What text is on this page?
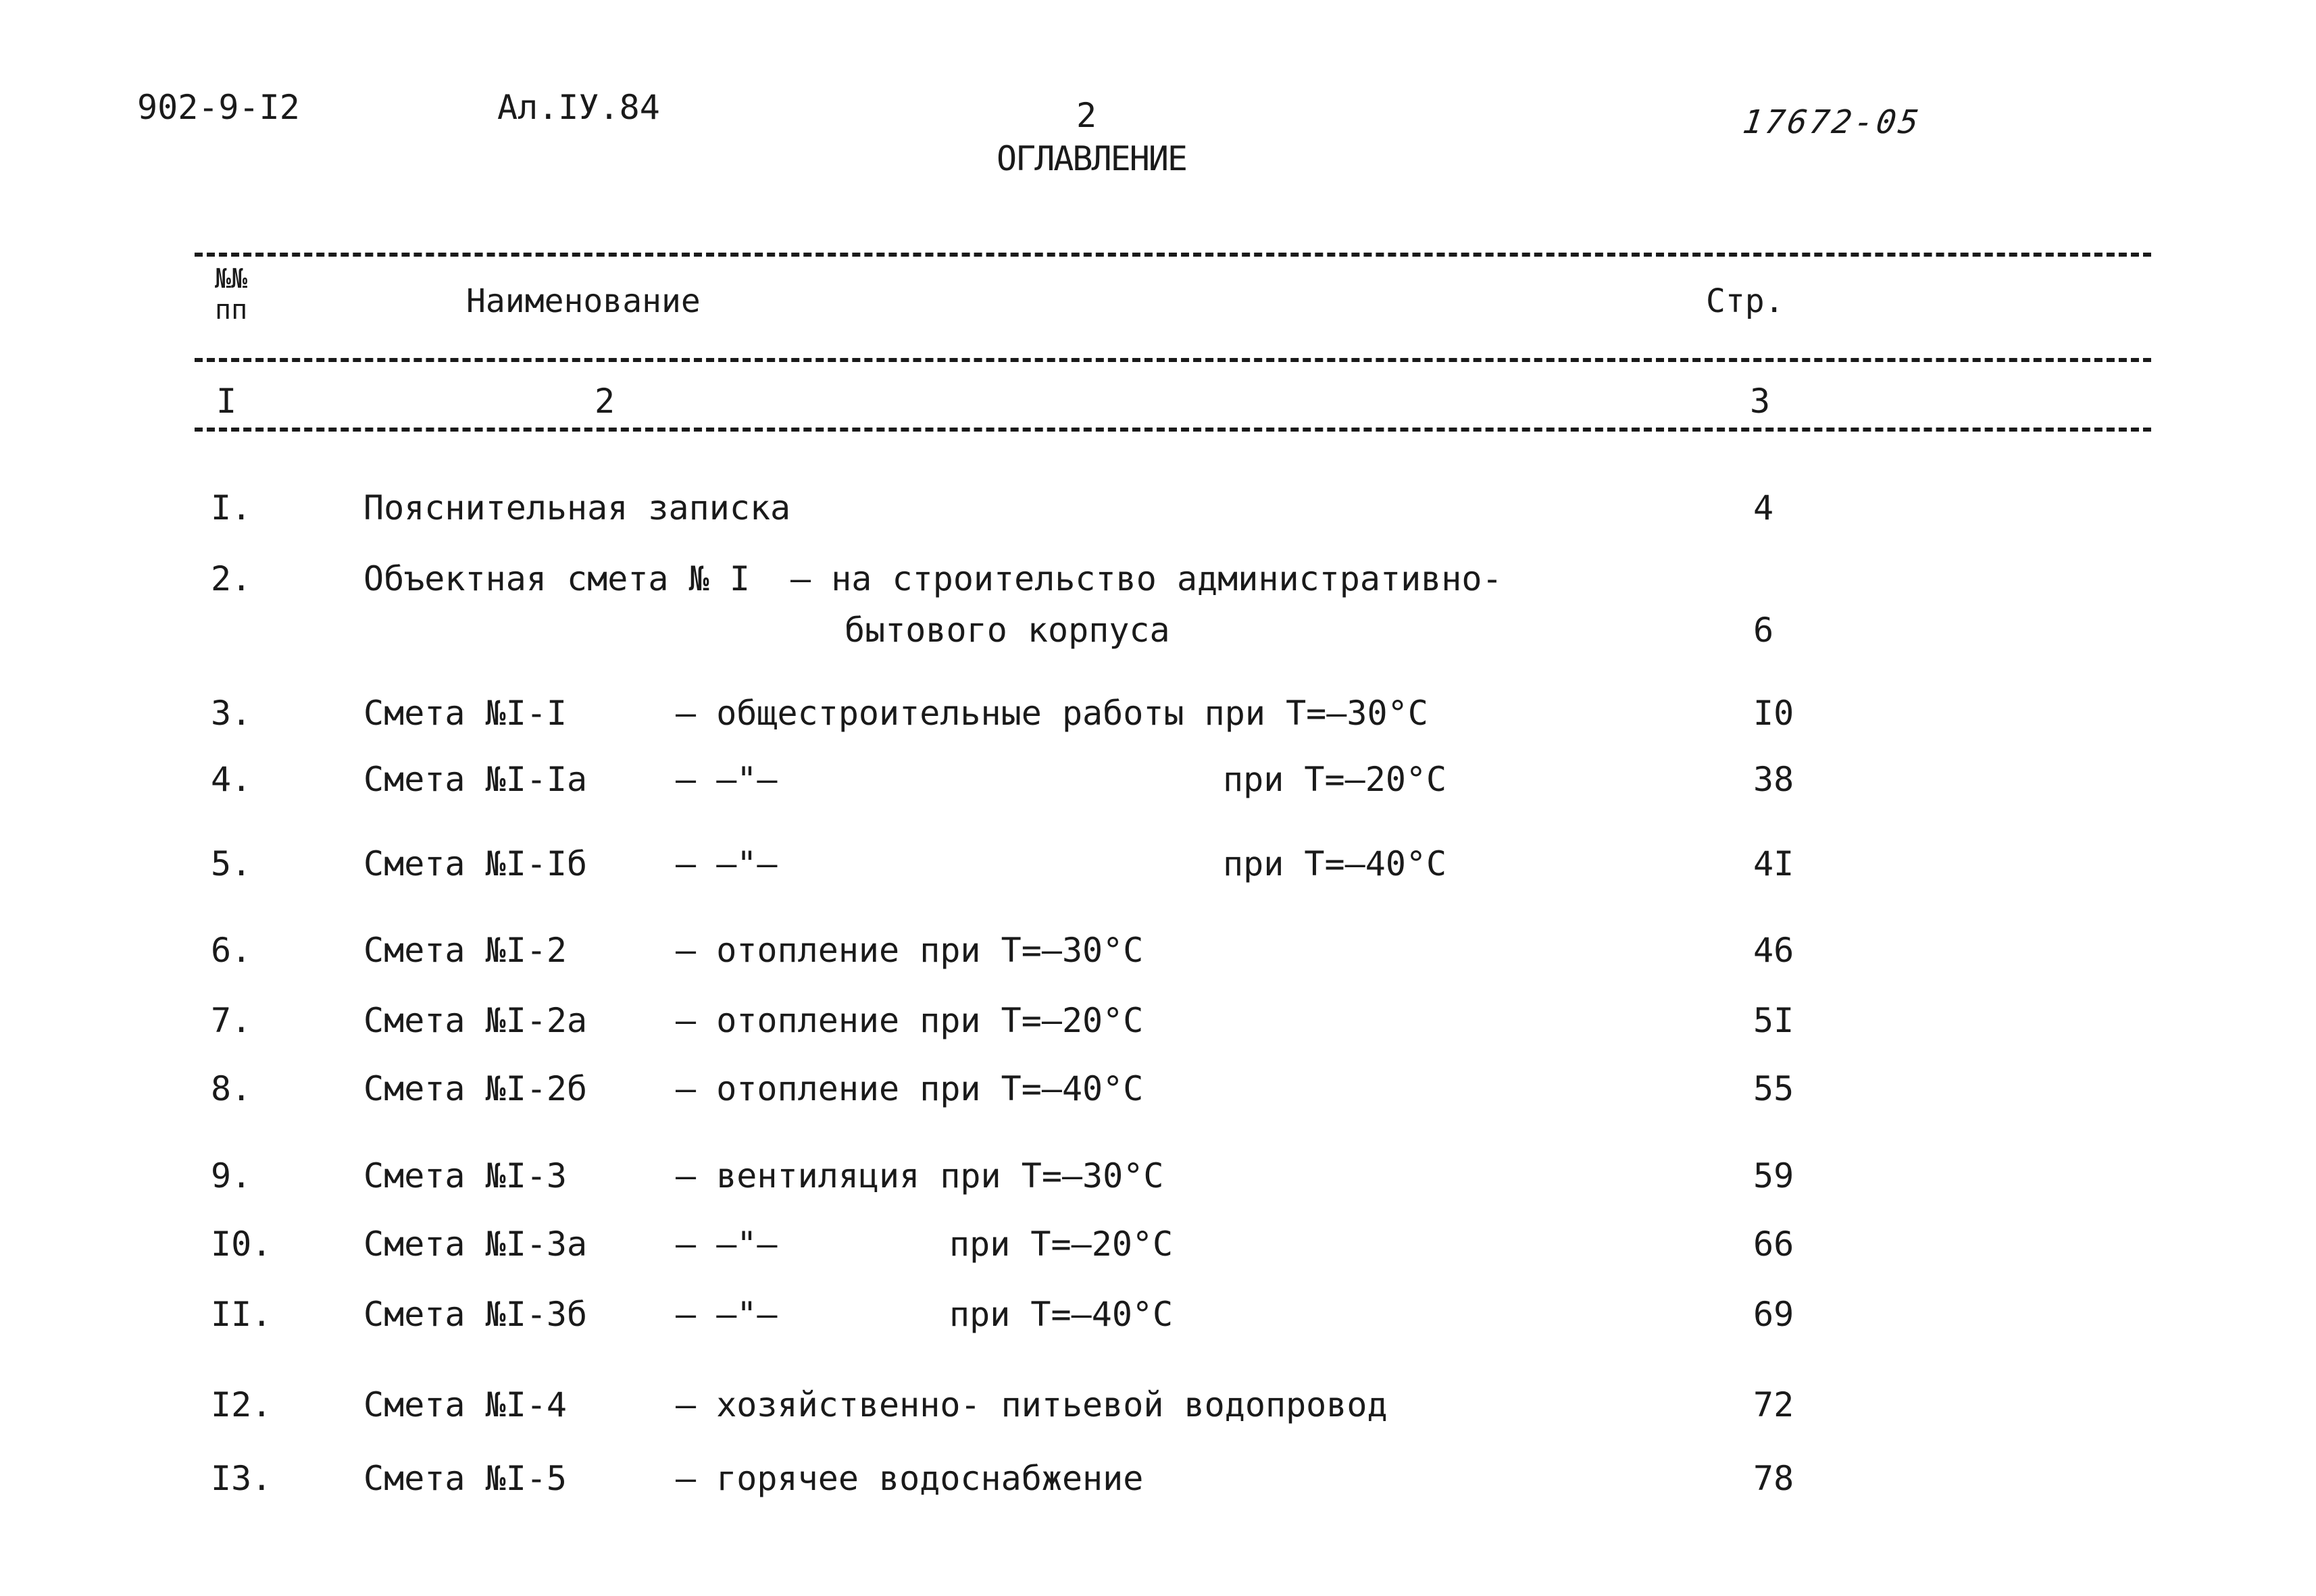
902-9-I2	Ал.IУ.84	2
ОГЛАВЛЕНИЕ
17672-05
№№ пп	Наименование	Стр.
I	2	3
I.	Пояснительная записка	4
2.	Объектная смета № I – на строительство административно-
бытового корпуса	6
3.	Смета №I-I	– общестроительные работы при Т=–30°С	I0
4.	Смета №I-Iа	– –"–	при Т=–20°С	38
5.	Смета №I-Iб	– –"–	при Т=–40°С	4I
6.	Смета №I-2	– отопление при Т=–30°С	46
7.	Смета №I-2а	– отопление при Т=–20°С	5I
8.	Смета №I-2б	– отопление при Т=–40°С	55
9.	Смета №I-3	– вентиляция при Т=–30°С	59
I0.	Смета №I-3а	– –"–	при Т=–20°С	66
II.	Смета №I-3б	– –"–	при Т=–40°С	69
I2.	Смета №I-4	– хозяйственно- питьевой водопровод	72
I3.	Смета №I-5	– горячее водоснабжение	78
